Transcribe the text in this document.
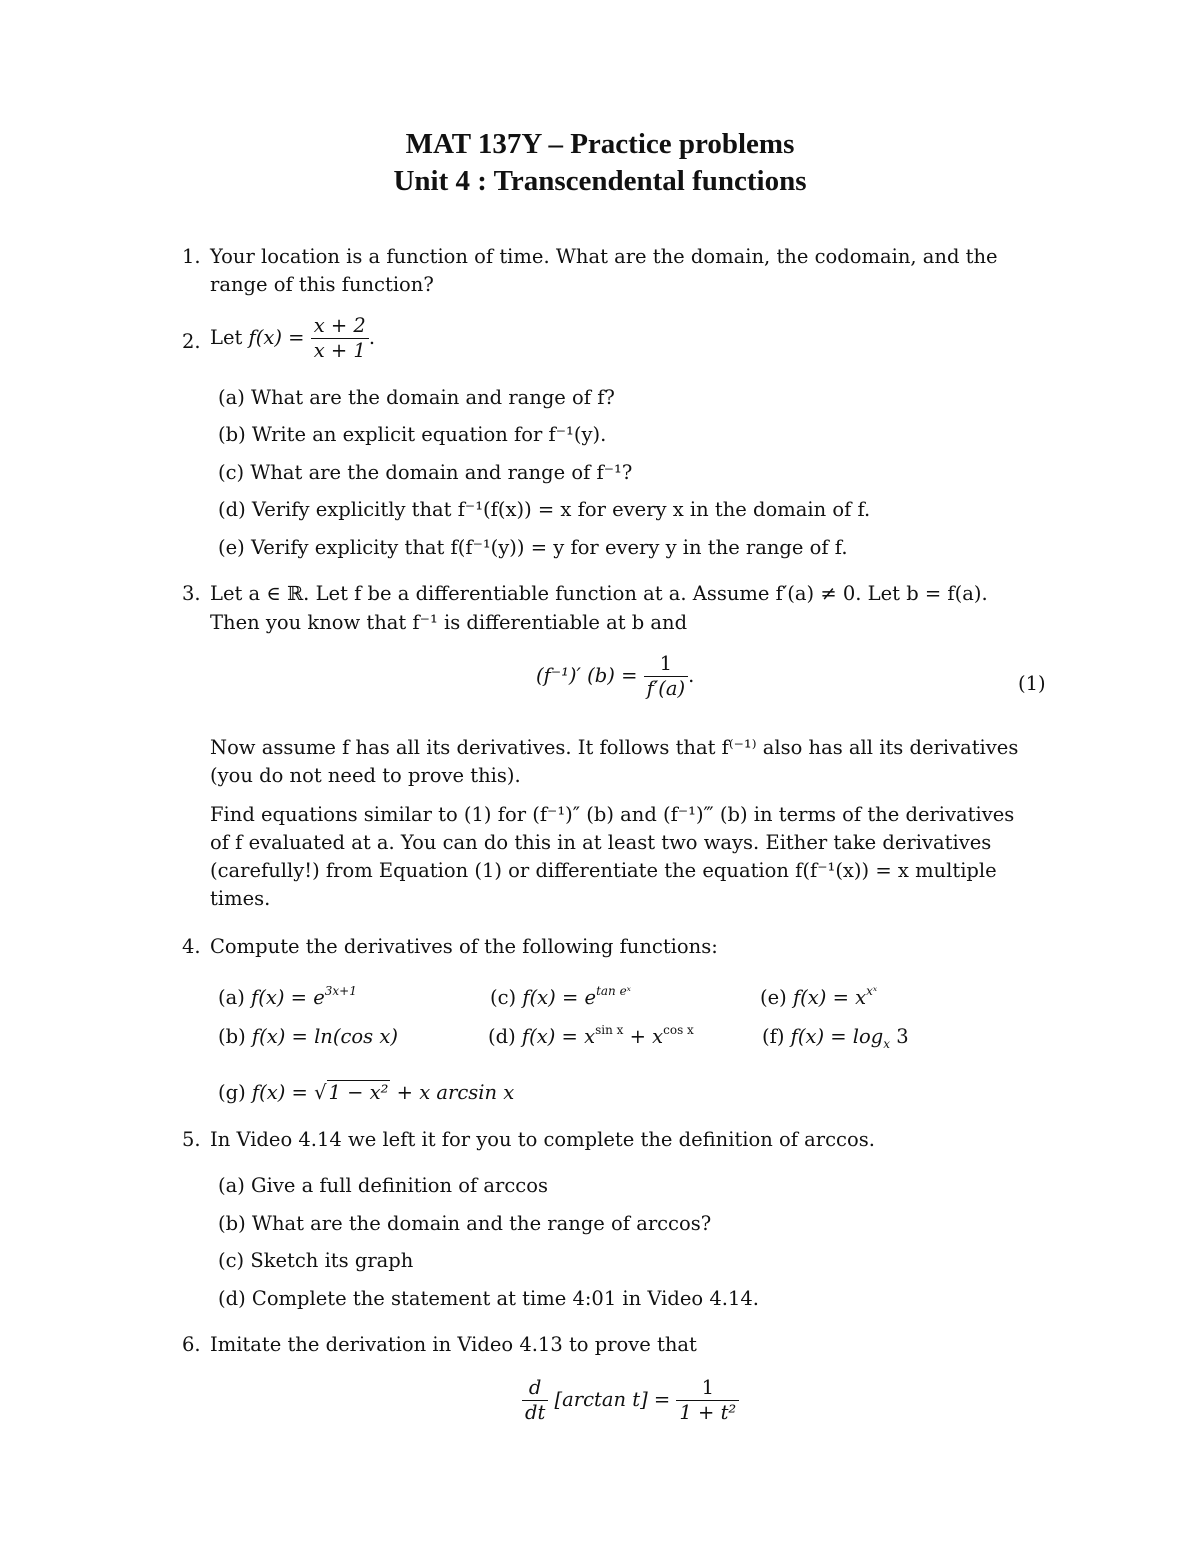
MAT 137Y – Practice problems
Unit 4 : Transcendental functions
1. Your location is a function of time. What are the domain, the codomain, and the
range of this function?
2. Let $f(x) = \frac{x + 2}{x + 1}$ .
(a) What are the domain and range of f?
(b) Write an explicit equation for f⁻¹(y).
(c) What are the domain and range of f⁻¹?
(d) Verify explicitly that f⁻¹(f(x)) = x for every x in the domain of f.
(e) Verify explicity that f(f⁻¹(y)) = y for every y in the range of f.
3. Let a ∈ ℝ. Let f be a differentiable function at a. Assume f′(a) ≠ 0. Let b = f(a).
Then you know that f⁻¹ is differentiable at b and
(f⁻¹)′ $(b) = \frac{1}{f'(a)}$ .	(1)
Now assume f has all its derivatives. It follows that f⁽⁻¹⁾ also has all its derivatives
(you do not need to prove this).
Find equations similar to (1) for (f⁻¹)″ (b) and (f⁻¹)‴ (b) in terms of the derivatives
of f evaluated at a. You can do this in at least two ways. Either take derivatives
(carefully!) from Equation (1) or differentiate the equation f(f⁻¹(x)) = x multiple
times.
4. Compute the derivatives of the following functions:
(a) $f(x) = e^{3x+1}$	(c) $f(x) = e^{tan eˣ}$	(e) $f(x) = x^{xˣ}$
(b) f(x) = ln(cos x)	(d) $f(x) = x^{sin x} + x^{cos x}$	(f) $f(x) = \log_x 3$
(g) f(x) = √ 1 − x² + x arcsin x
5. In Video 4.14 we left it for you to complete the definition of arccos.
(a) Give a full definition of arccos
(b) What are the domain and the range of arccos?
(c) Sketch its graph
(d) Complete the statement at time 4:01 in Video 4.14.
6. Imitate the derivation in Video 4.13 to prove that
$\frac{d}{dt} [\arctan$ $t] = \frac{1}{\text{1 + t²}}$
